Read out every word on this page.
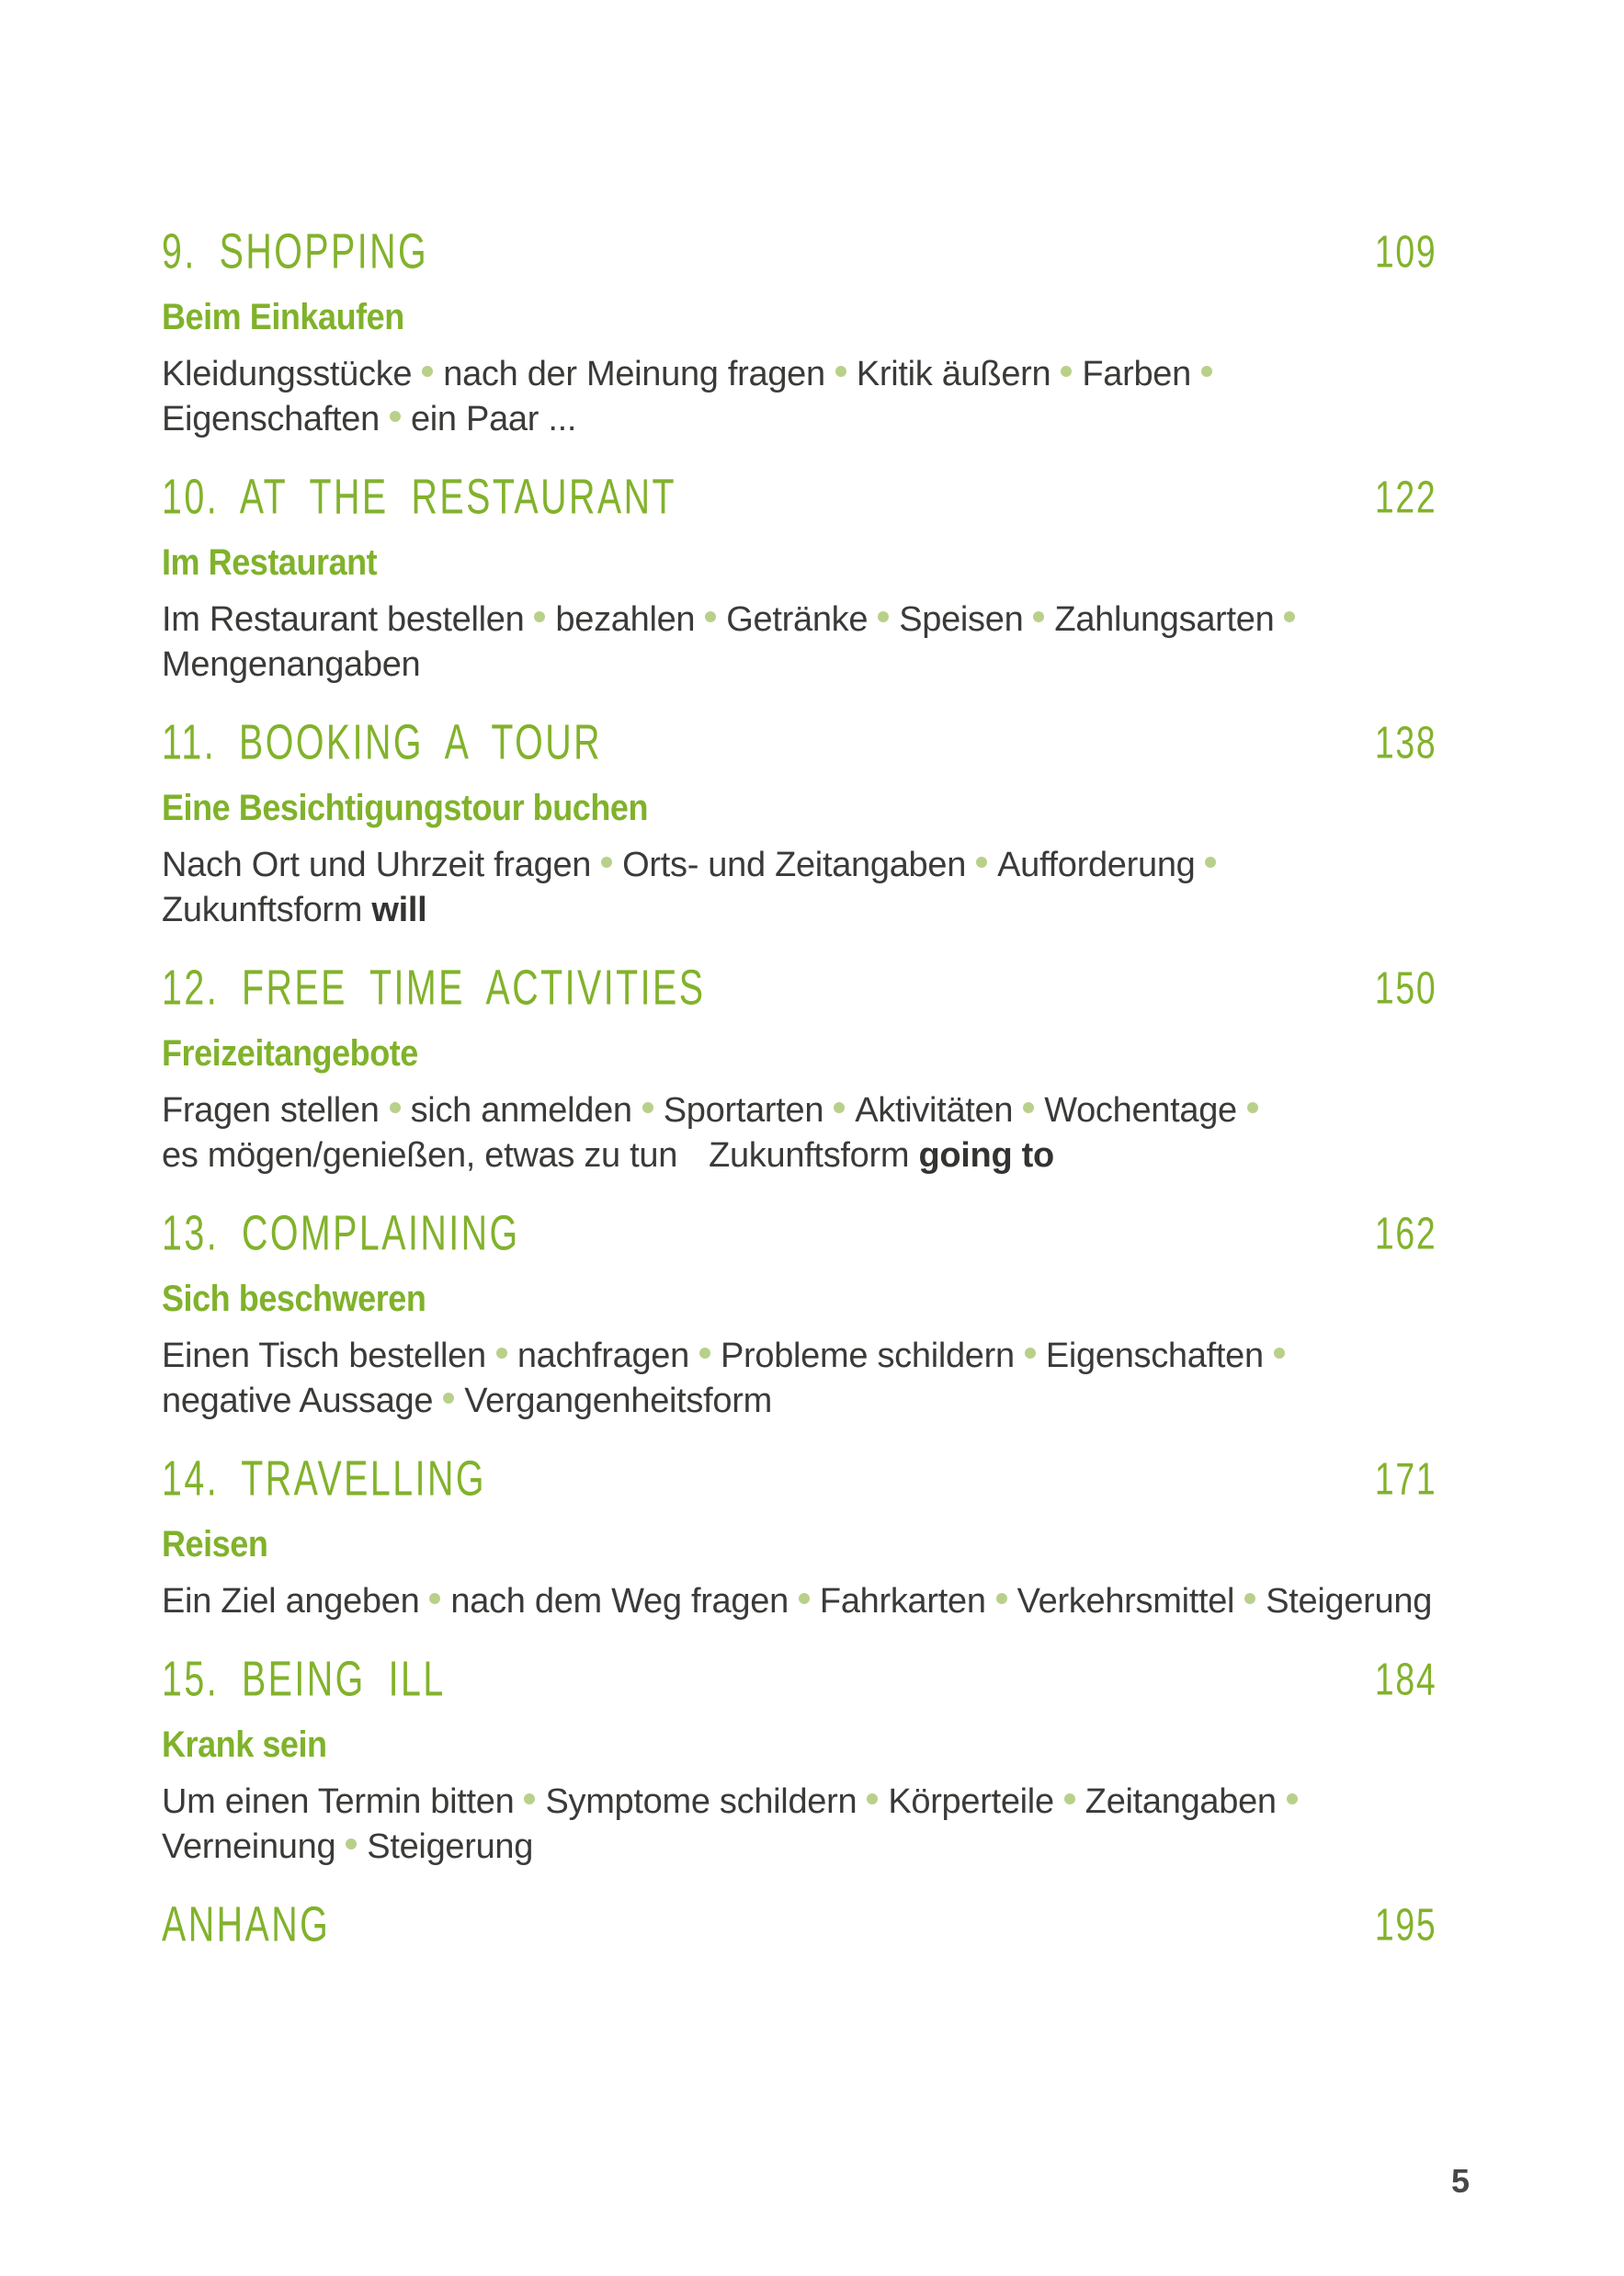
9. SHOPPING	109
Beim Einkaufen
Kleidungsstücke nach der Meinung fragen Kritik äußern Farben
Eigenschaften ein Paar ...
10. AT THE RESTAURANT	122
Im Restaurant
Im Restaurant bestellen bezahlen Getränke Speisen Zahlungsarten
Mengenangaben
11. BOOKING A TOUR	138
Eine Besichtigungstour buchen
Nach Ort und Uhrzeit fragen Orts- und Zeitangaben Aufforderung
Zukunftsform will
12. FREE TIME ACTIVITIES	150
Freizeitangebote
Fragen stellen sich anmelden Sportarten Aktivitäten Wochentage
es mögen/genießen, etwas zu tun Zukunftsform going to
13. COMPLAINING	162
Sich beschweren
Einen Tisch bestellen nachfragen Probleme schildern Eigenschaften
negative Aussage Vergangenheitsform
14. TRAVELLING	171
Reisen
Ein Ziel angeben nach dem Weg fragen Fahrkarten Verkehrsmittel Steigerung
15. BEING ILL	184
Krank sein
Um einen Termin bitten Symptome schildern Körperteile Zeitangaben
Verneinung Steigerung
ANHANG	195
5
